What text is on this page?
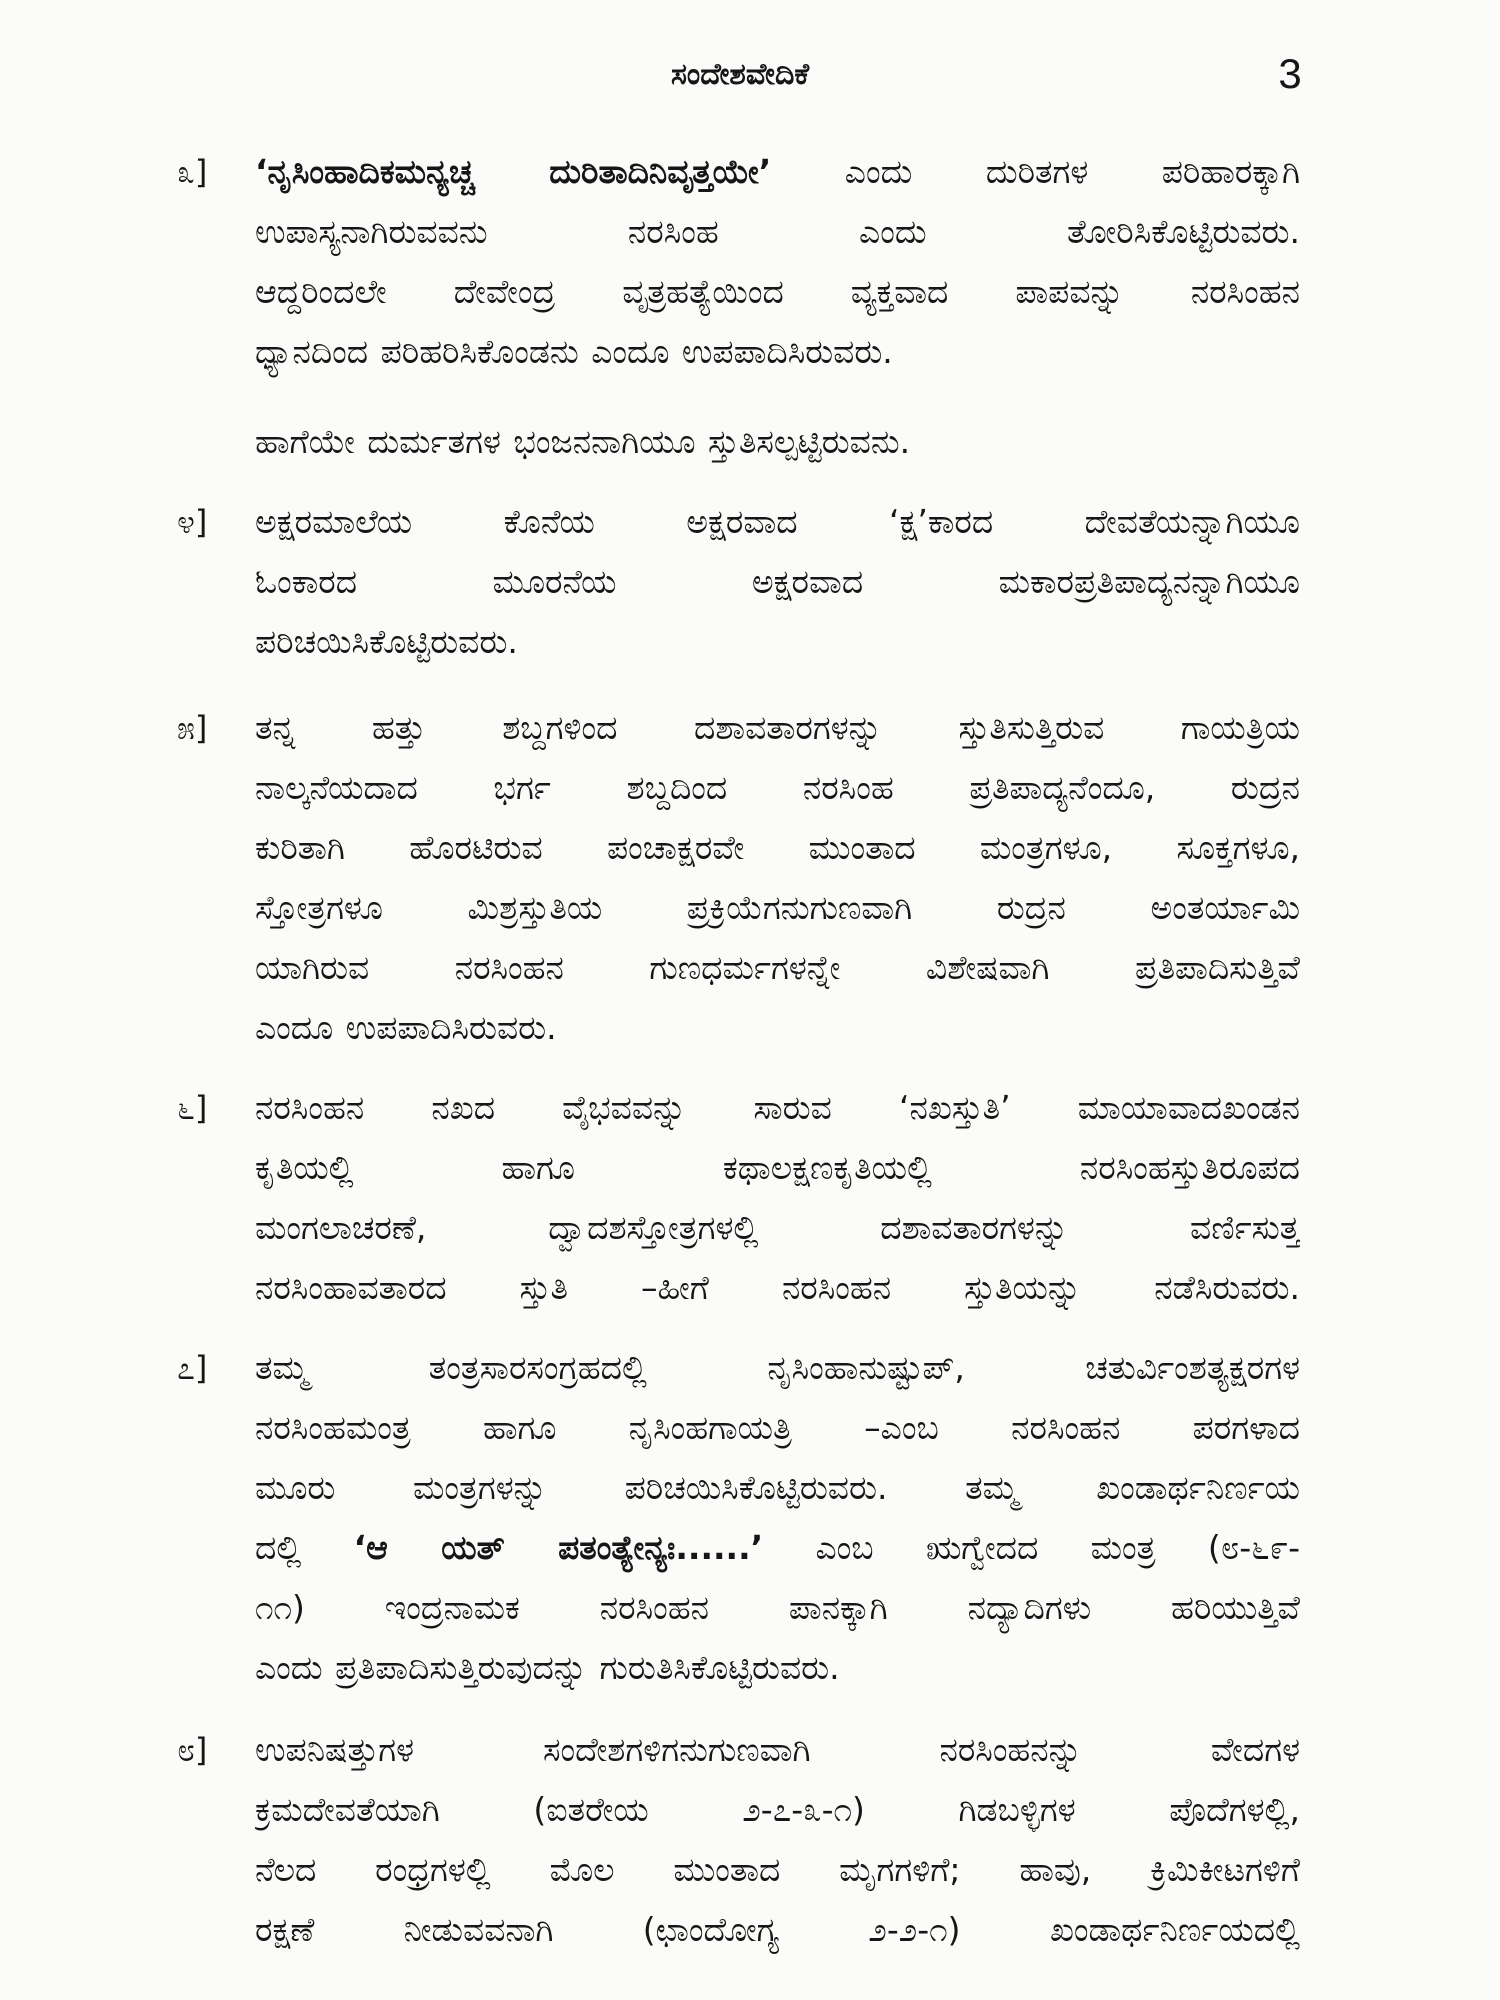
ಸಂದೇಶವೇದಿಕೆ	3
೩]	‘ನೃಸಿಂಹಾದಿಕಮನ್ಯಚ್ಚ ದುರಿತಾದಿನಿವೃತ್ತಯೇ’ ಎಂದು ದುರಿತಗಳ ಪರಿಹಾರಕ್ಕಾಗಿ
ಉಪಾಸ್ಯನಾಗಿರುವವನು ನರಸಿಂಹ ಎಂದು ತೋರಿಸಿಕೊಟ್ಟಿರುವರು.
ಆದ್ದರಿಂದಲೇ ದೇವೇಂದ್ರ ವೃತ್ರಹತ್ಯೆಯಿಂದ ವ್ಯಕ್ತವಾದ ಪಾಪವನ್ನು ನರಸಿಂಹನ
ಧ್ಯಾನದಿಂದ ಪರಿಹರಿಸಿಕೊಂಡನು ಎಂದೂ ಉಪಪಾದಿಸಿರುವರು.
ಹಾಗೆಯೇ ದುರ್ಮತಗಳ ಭಂಜನನಾಗಿಯೂ ಸ್ತುತಿಸಲ್ಪಟ್ಟಿರುವನು.
೪]	ಅಕ್ಷರಮಾಲೆಯ ಕೊನೆಯ ಅಕ್ಷರವಾದ ‘ಕ್ಷ’ಕಾರದ ದೇವತೆಯನ್ನಾಗಿಯೂ
ಓಂಕಾರದ ಮೂರನೆಯ ಅಕ್ಷರವಾದ ಮಕಾರಪ್ರತಿಪಾದ್ಯನನ್ನಾಗಿಯೂ
ಪರಿಚಯಿಸಿಕೊಟ್ಟಿರುವರು.
೫]	ತನ್ನ ಹತ್ತು ಶಬ್ದಗಳಿಂದ ದಶಾವತಾರಗಳನ್ನು ಸ್ತುತಿಸುತ್ತಿರುವ ಗಾಯತ್ರಿಯ
ನಾಲ್ಕನೆಯದಾದ ಭರ್ಗ ಶಬ್ದದಿಂದ ನರಸಿಂಹ ಪ್ರತಿಪಾದ್ಯನೆಂದೂ, ರುದ್ರನ
ಕುರಿತಾಗಿ ಹೊರಟಿರುವ ಪಂಚಾಕ್ಷರವೇ ಮುಂತಾದ ಮಂತ್ರಗಳೂ, ಸೂಕ್ತಗಳೂ,
ಸ್ತೋತ್ರಗಳೂ ಮಿಶ್ರಸ್ತುತಿಯ ಪ್ರಕ್ರಿಯೆಗನುಗುಣವಾಗಿ ರುದ್ರನ ಅಂತರ್ಯಾಮಿ
ಯಾಗಿರುವ ನರಸಿಂಹನ ಗುಣಧರ್ಮಗಳನ್ನೇ ವಿಶೇಷವಾಗಿ ಪ್ರತಿಪಾದಿಸುತ್ತಿವೆ
ಎಂದೂ ಉಪಪಾದಿಸಿರುವರು.
೬]	ನರಸಿಂಹನ ನಖದ ವೈಭವವನ್ನು ಸಾರುವ ‘ನಖಸ್ತುತಿ’ ಮಾಯಾವಾದಖಂಡನ
ಕೃತಿಯಲ್ಲಿ ಹಾಗೂ ಕಥಾಲಕ್ಷಣಕೃತಿಯಲ್ಲಿ ನರಸಿಂಹಸ್ತುತಿರೂಪದ
ಮಂಗಲಾಚರಣೆ, ದ್ವಾದಶಸ್ತೋತ್ರಗಳಲ್ಲಿ ದಶಾವತಾರಗಳನ್ನು ವರ್ಣಿಸುತ್ತ
ನರಸಿಂಹಾವತಾರದ ಸ್ತುತಿ –ಹೀಗೆ ನರಸಿಂಹನ ಸ್ತುತಿಯನ್ನು ನಡೆಸಿರುವರು.
೭]	ತಮ್ಮ ತಂತ್ರಸಾರಸಂಗ್ರಹದಲ್ಲಿ ನೃಸಿಂಹಾನುಷ್ಟುಪ್, ಚತುರ್ವಿಂಶತ್ಯಕ್ಷರಗಳ
ನರಸಿಂಹಮಂತ್ರ ಹಾಗೂ ನೃಸಿಂಹಗಾಯತ್ರಿ –ಎಂಬ ನರಸಿಂಹನ ಪರಗಳಾದ
ಮೂರು ಮಂತ್ರಗಳನ್ನು ಪರಿಚಯಿಸಿಕೊಟ್ಟಿರುವರು. ತಮ್ಮ ಖಂಡಾರ್ಥನಿರ್ಣಯ
ದಲ್ಲಿ ‘ಆ ಯತ್ ಪತಂತ್ಯೇನ್ಯಃ......’ ಎಂಬ ಋಗ್ವೇದದ ಮಂತ್ರ (೮-೬೯-
೧೧) ಇಂದ್ರನಾಮಕ ನರಸಿಂಹನ ಪಾನಕ್ಕಾಗಿ ನದ್ಯಾದಿಗಳು ಹರಿಯುತ್ತಿವೆ
ಎಂದು ಪ್ರತಿಪಾದಿಸುತ್ತಿರುವುದನ್ನು ಗುರುತಿಸಿಕೊಟ್ಟಿರುವರು.
೮]	ಉಪನಿಷತ್ತುಗಳ ಸಂದೇಶಗಳಿಗನುಗುಣವಾಗಿ ನರಸಿಂಹನನ್ನು ವೇದಗಳ
ಕ್ರಮದೇವತೆಯಾಗಿ (ಐತರೇಯ ೨-೭-೩-೧) ಗಿಡಬಳ್ಳಿಗಳ ಪೊದೆಗಳಲ್ಲಿ,
ನೆಲದ ರಂಧ್ರಗಳಲ್ಲಿ ಮೊಲ ಮುಂತಾದ ಮೃಗಗಳಿಗೆ; ಹಾವು, ಕ್ರಿಮಿಕೀಟಗಳಿಗೆ
ರಕ್ಷಣೆ ನೀಡುವವನಾಗಿ (ಛಾಂದೋಗ್ಯ ೨-೨-೧) ಖಂಡಾರ್ಥನಿರ್ಣಯದಲ್ಲಿ
